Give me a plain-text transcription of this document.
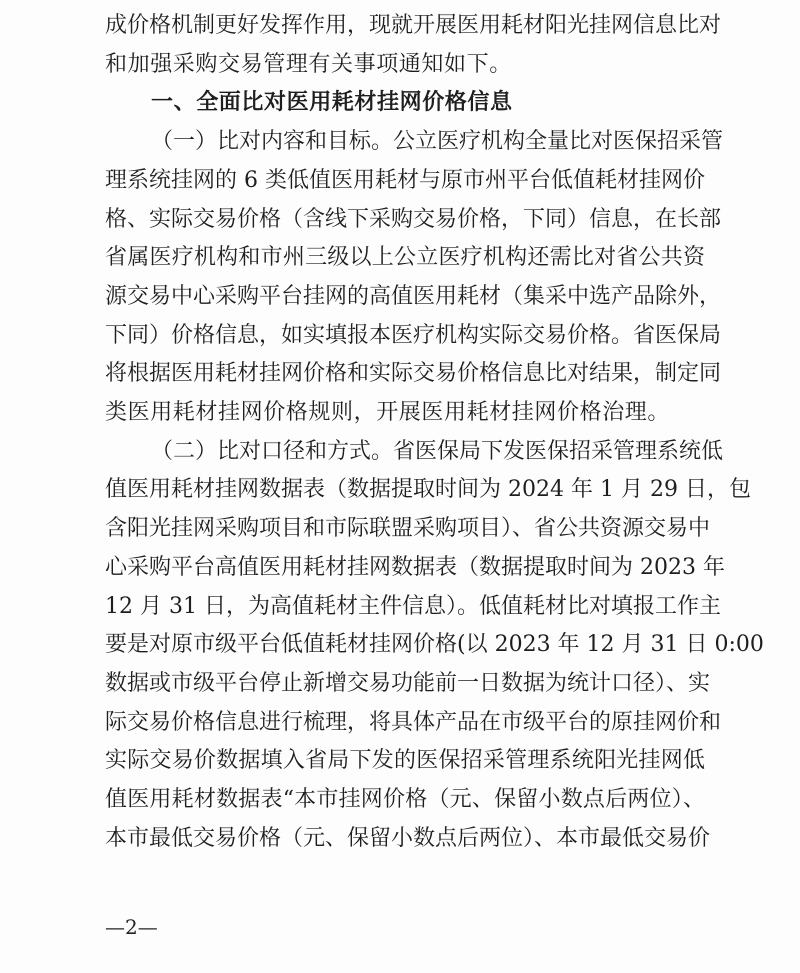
成价格机制更好发挥作用，现就开展医用耗材阳光挂网信息比对
和加强采购交易管理有关事项通知如下。
一、全面比对医用耗材挂网价格信息
（一）比对内容和目标。公立医疗机构全量比对医保招采管
理系统挂网的 6 类低值医用耗材与原市州平台低值耗材挂网价
格、实际交易价格（含线下采购交易价格，下同）信息，在长部
省属医疗机构和市州三级以上公立医疗机构还需比对省公共资
源交易中心采购平台挂网的高值医用耗材（集采中选产品除外，
下同）价格信息，如实填报本医疗机构实际交易价格。省医保局
将根据医用耗材挂网价格和实际交易价格信息比对结果，制定同
类医用耗材挂网价格规则，开展医用耗材挂网价格治理。
（二）比对口径和方式。省医保局下发医保招采管理系统低
值医用耗材挂网数据表（数据提取时间为 2024 年 1 月 29 日，包
含阳光挂网采购项目和市际联盟采购项目）、省公共资源交易中
心采购平台高值医用耗材挂网数据表（数据提取时间为 2023 年
12 月 31 日，为高值耗材主件信息）。低值耗材比对填报工作主
要是对原市级平台低值耗材挂网价格(以 2023 年 12 月 31 日 0:00
数据或市级平台停止新增交易功能前一日数据为统计口径）、实
际交易价格信息进行梳理，将具体产品在市级平台的原挂网价和
实际交易价数据填入省局下发的医保招采管理系统阳光挂网低
值医用耗材数据表“本市挂网价格（元、保留小数点后两位）、
本市最低交易价格（元、保留小数点后两位）、本市最低交易价
—2—
